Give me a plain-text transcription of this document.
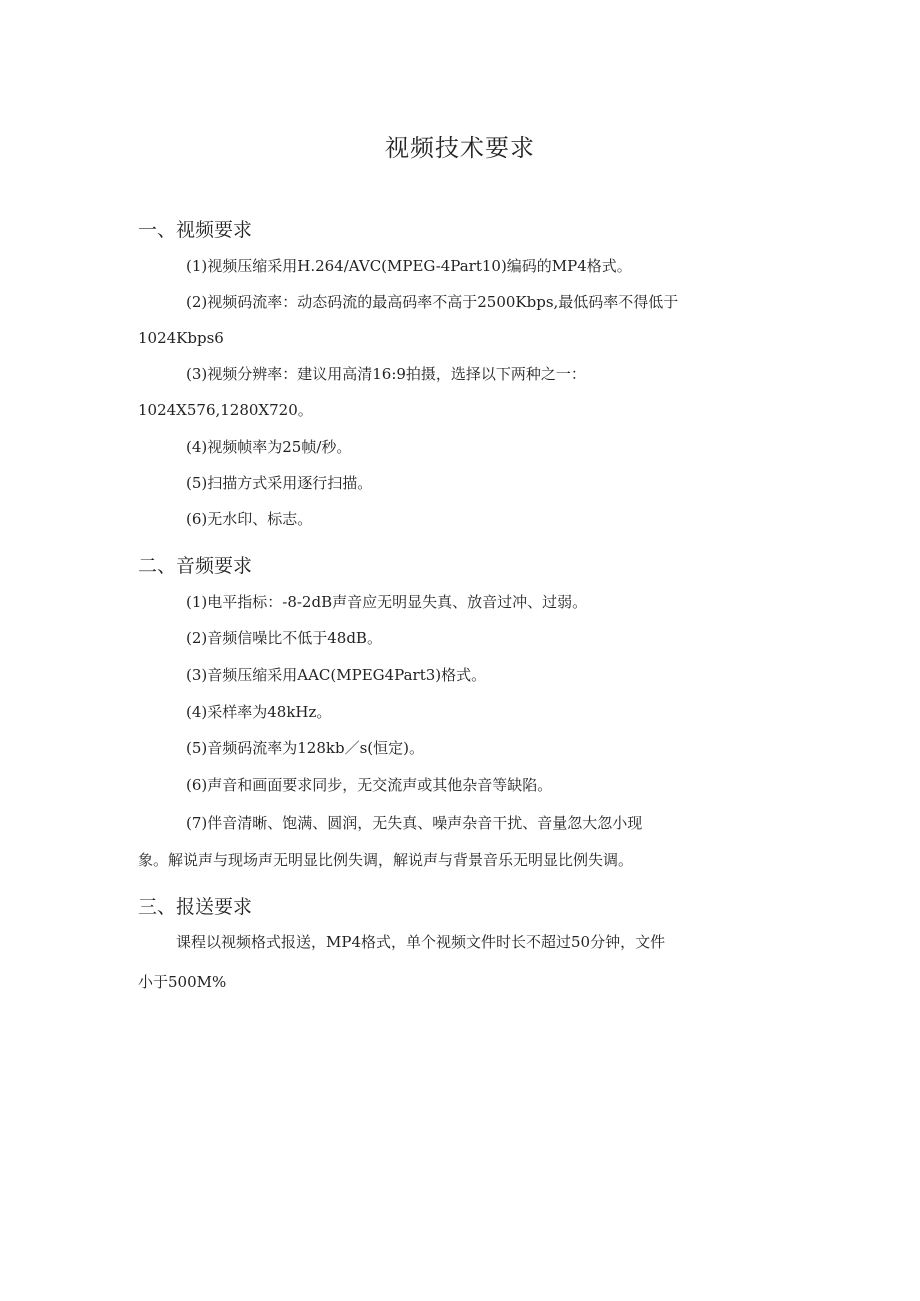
视频技术要求
一、视频要求

(1)视频压缩采用H.264/AVC(MPEG-4Part10)编码的MP4格式。

(2)视频码流率：动态码流的最高码率不高于2500Kbps,最低码率不得低于

1024Kbps6

(3)视频分辨率：建议用高清16:9拍摄，选择以下两种之一：

1024X576,1280X720。

(4)视频帧率为25帧/秒。

(5)扫描方式采用逐行扫描。

(6)无水印、标志。

二、音频要求

(1)电平指标：-8-2dB声音应无明显失真、放音过冲、过弱。

(2)音频信噪比不低于48dB。

(3)音频压缩采用AAC(MPEG4Part3)格式。

(4)采样率为48kHz。

(5)音频码流率为128kb／s(恒定)。

(6)声音和画面要求同步，无交流声或其他杂音等缺陷。

(7)伴音清晰、饱满、圆润，无失真、噪声杂音干扰、音量忽大忽小现

象。解说声与现场声无明显比例失调，解说声与背景音乐无明显比例失调。

三、报送要求

课程以视频格式报送，MP4格式，单个视频文件时长不超过50分钟，文件

小于500M%
